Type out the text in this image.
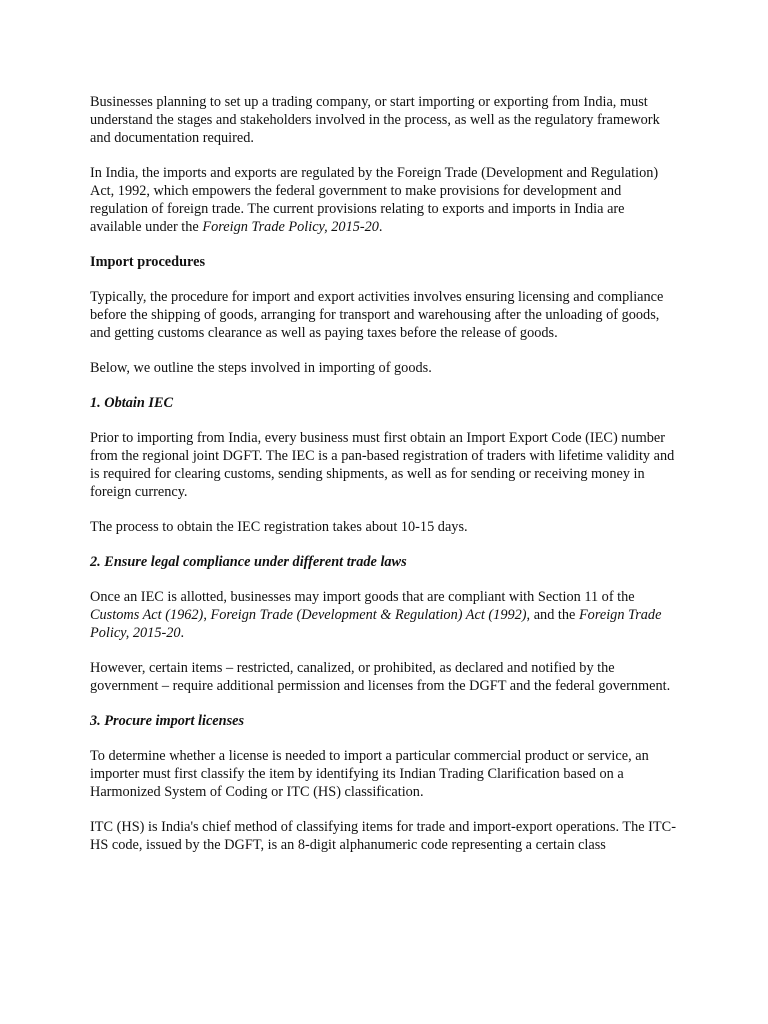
Businesses planning to set up a trading company, or start importing or exporting from India, must understand the stages and stakeholders involved in the process, as well as the regulatory framework and documentation required.

In India, the imports and exports are regulated by the Foreign Trade (Development and Regulation) Act, 1992, which empowers the federal government to make provisions for development and regulation of foreign trade. The current provisions relating to exports and imports in India are available under the Foreign Trade Policy, 2015-20.

Import procedures

Typically, the procedure for import and export activities involves ensuring licensing and compliance before the shipping of goods, arranging for transport and warehousing after the unloading of goods, and getting customs clearance as well as paying taxes before the release of goods.

Below, we outline the steps involved in importing of goods.

1. Obtain IEC

Prior to importing from India, every business must first obtain an Import Export Code (IEC) number from the regional joint DGFT. The IEC is a pan-based registration of traders with lifetime validity and is required for clearing customs, sending shipments, as well as for sending or receiving money in foreign currency.

The process to obtain the IEC registration takes about 10-15 days.

2. Ensure legal compliance under different trade laws

Once an IEC is allotted, businesses may import goods that are compliant with Section 11 of the Customs Act (1962), Foreign Trade (Development & Regulation) Act (1992), and the Foreign Trade Policy, 2015-20.

However, certain items – restricted, canalized, or prohibited, as declared and notified by the government – require additional permission and licenses from the DGFT and the federal government.

3. Procure import licenses

To determine whether a license is needed to import a particular commercial product or service, an importer must first classify the item by identifying its Indian Trading Clarification based on a Harmonized System of Coding or ITC (HS) classification.

ITC (HS) is India's chief method of classifying items for trade and import-export operations. The ITC-HS code, issued by the DGFT, is an 8-digit alphanumeric code representing a certain class
